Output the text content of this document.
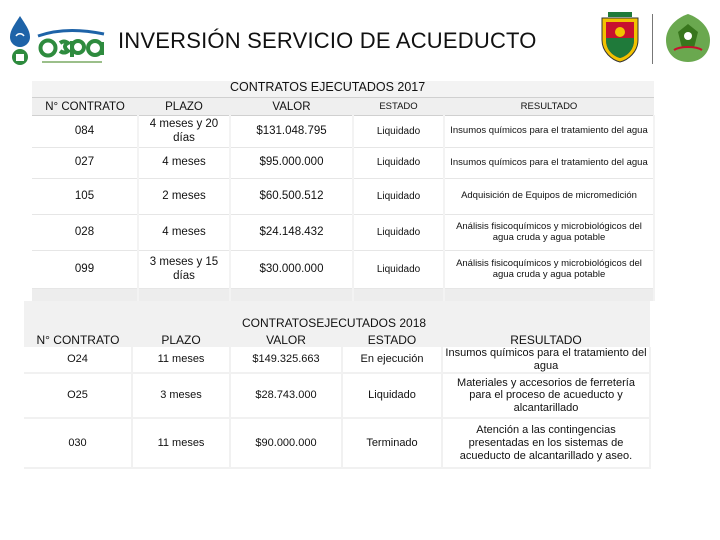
INVERSIÓN SERVICIO DE ACUEDUCTO
CONTRATOS EJECUTADOS 2017
N° CONTRATO	PLAZO	VALOR	ESTADO	RESULTADO
084	4 meses y 20 días	$131.048.795	Liquidado	Insumos químicos para el tratamiento del agua
027	4 meses	$95.000.000	Liquidado	Insumos químicos para el tratamiento del agua
105	2 meses	$60.500.512	Liquidado	Adquisición de Equipos de micromedición
028	4 meses	$24.148.432	Liquidado	Análisis fisicoquímicos y microbiológicos del agua cruda y agua potable
099	3 meses y 15 días	$30.000.000	Liquidado	Análisis fisicoquímicos y microbiológicos del agua cruda y agua potable

CONTRATOSEJECUTADOS 2018
N° CONTRATO	PLAZO	VALOR	ESTADO	RESULTADO
O24	11 meses	$149.325.663	En ejecución	Insumos químicos para el tratamiento del agua
O25	3 meses	$28.743.000	Liquidado	Materiales y accesorios de ferretería para el proceso de acueducto y alcantarillado
030	11 meses	$90.000.000	Terminado	Atención a las contingencias presentadas en los sistemas de acueducto de alcantarillado y aseo.
